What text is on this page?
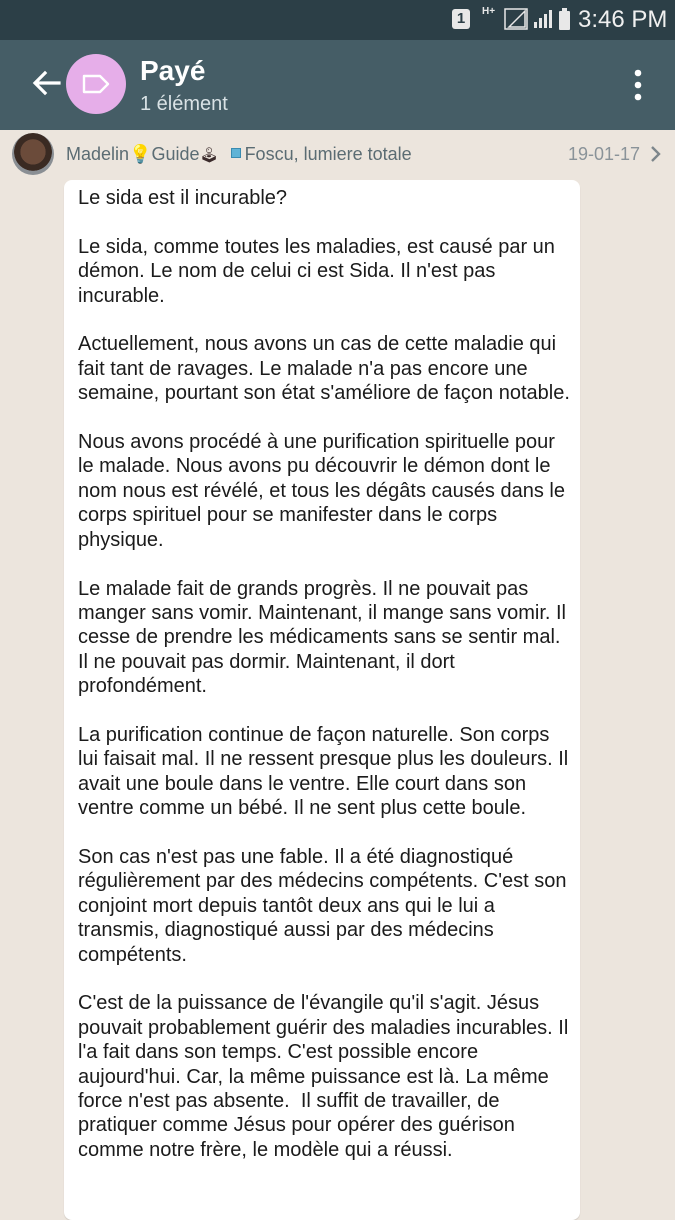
1	H+	3:46 PM
Payé
1 élément
Madelin💡Guide🕹 Foscu, lumiere totale	19-01-17
Le sida est il incurable?

Le sida, comme toutes les maladies, est causé par un démon. Le nom de celui ci est Sida. Il n'est pas incurable.

Actuellement, nous avons un cas de cette maladie qui fait tant de ravages. Le malade n'a pas encore une semaine, pourtant son état s'améliore de façon notable.

Nous avons procédé à une purification spirituelle pour le malade. Nous avons pu découvrir le démon dont le nom nous est révélé, et tous les dégâts causés dans le corps spirituel pour se manifester dans le corps physique.

Le malade fait de grands progrès. Il ne pouvait pas manger sans vomir. Maintenant, il mange sans vomir. Il cesse de prendre les médicaments sans se sentir mal. Il ne pouvait pas dormir. Maintenant, il dort profondément.

La purification continue de façon naturelle. Son corps lui faisait mal. Il ne ressent presque plus les douleurs. Il avait une boule dans le ventre. Elle court dans son ventre comme un bébé. Il ne sent plus cette boule.

Son cas n'est pas une fable. Il a été diagnostiqué régulièrement par des médecins compétents. C'est son conjoint mort depuis tantôt deux ans qui le lui a transmis, diagnostiqué aussi par des médecins compétents.

C'est de la puissance de l'évangile qu'il s'agit. Jésus pouvait probablement guérir des maladies incurables. Il l'a fait dans son temps. C'est possible encore aujourd'hui. Car, la même puissance est là. La même force n'est pas absente.  Il suffit de travailler, de pratiquer comme Jésus pour opérer des guérison comme notre frère, le modèle qui a réussi.
